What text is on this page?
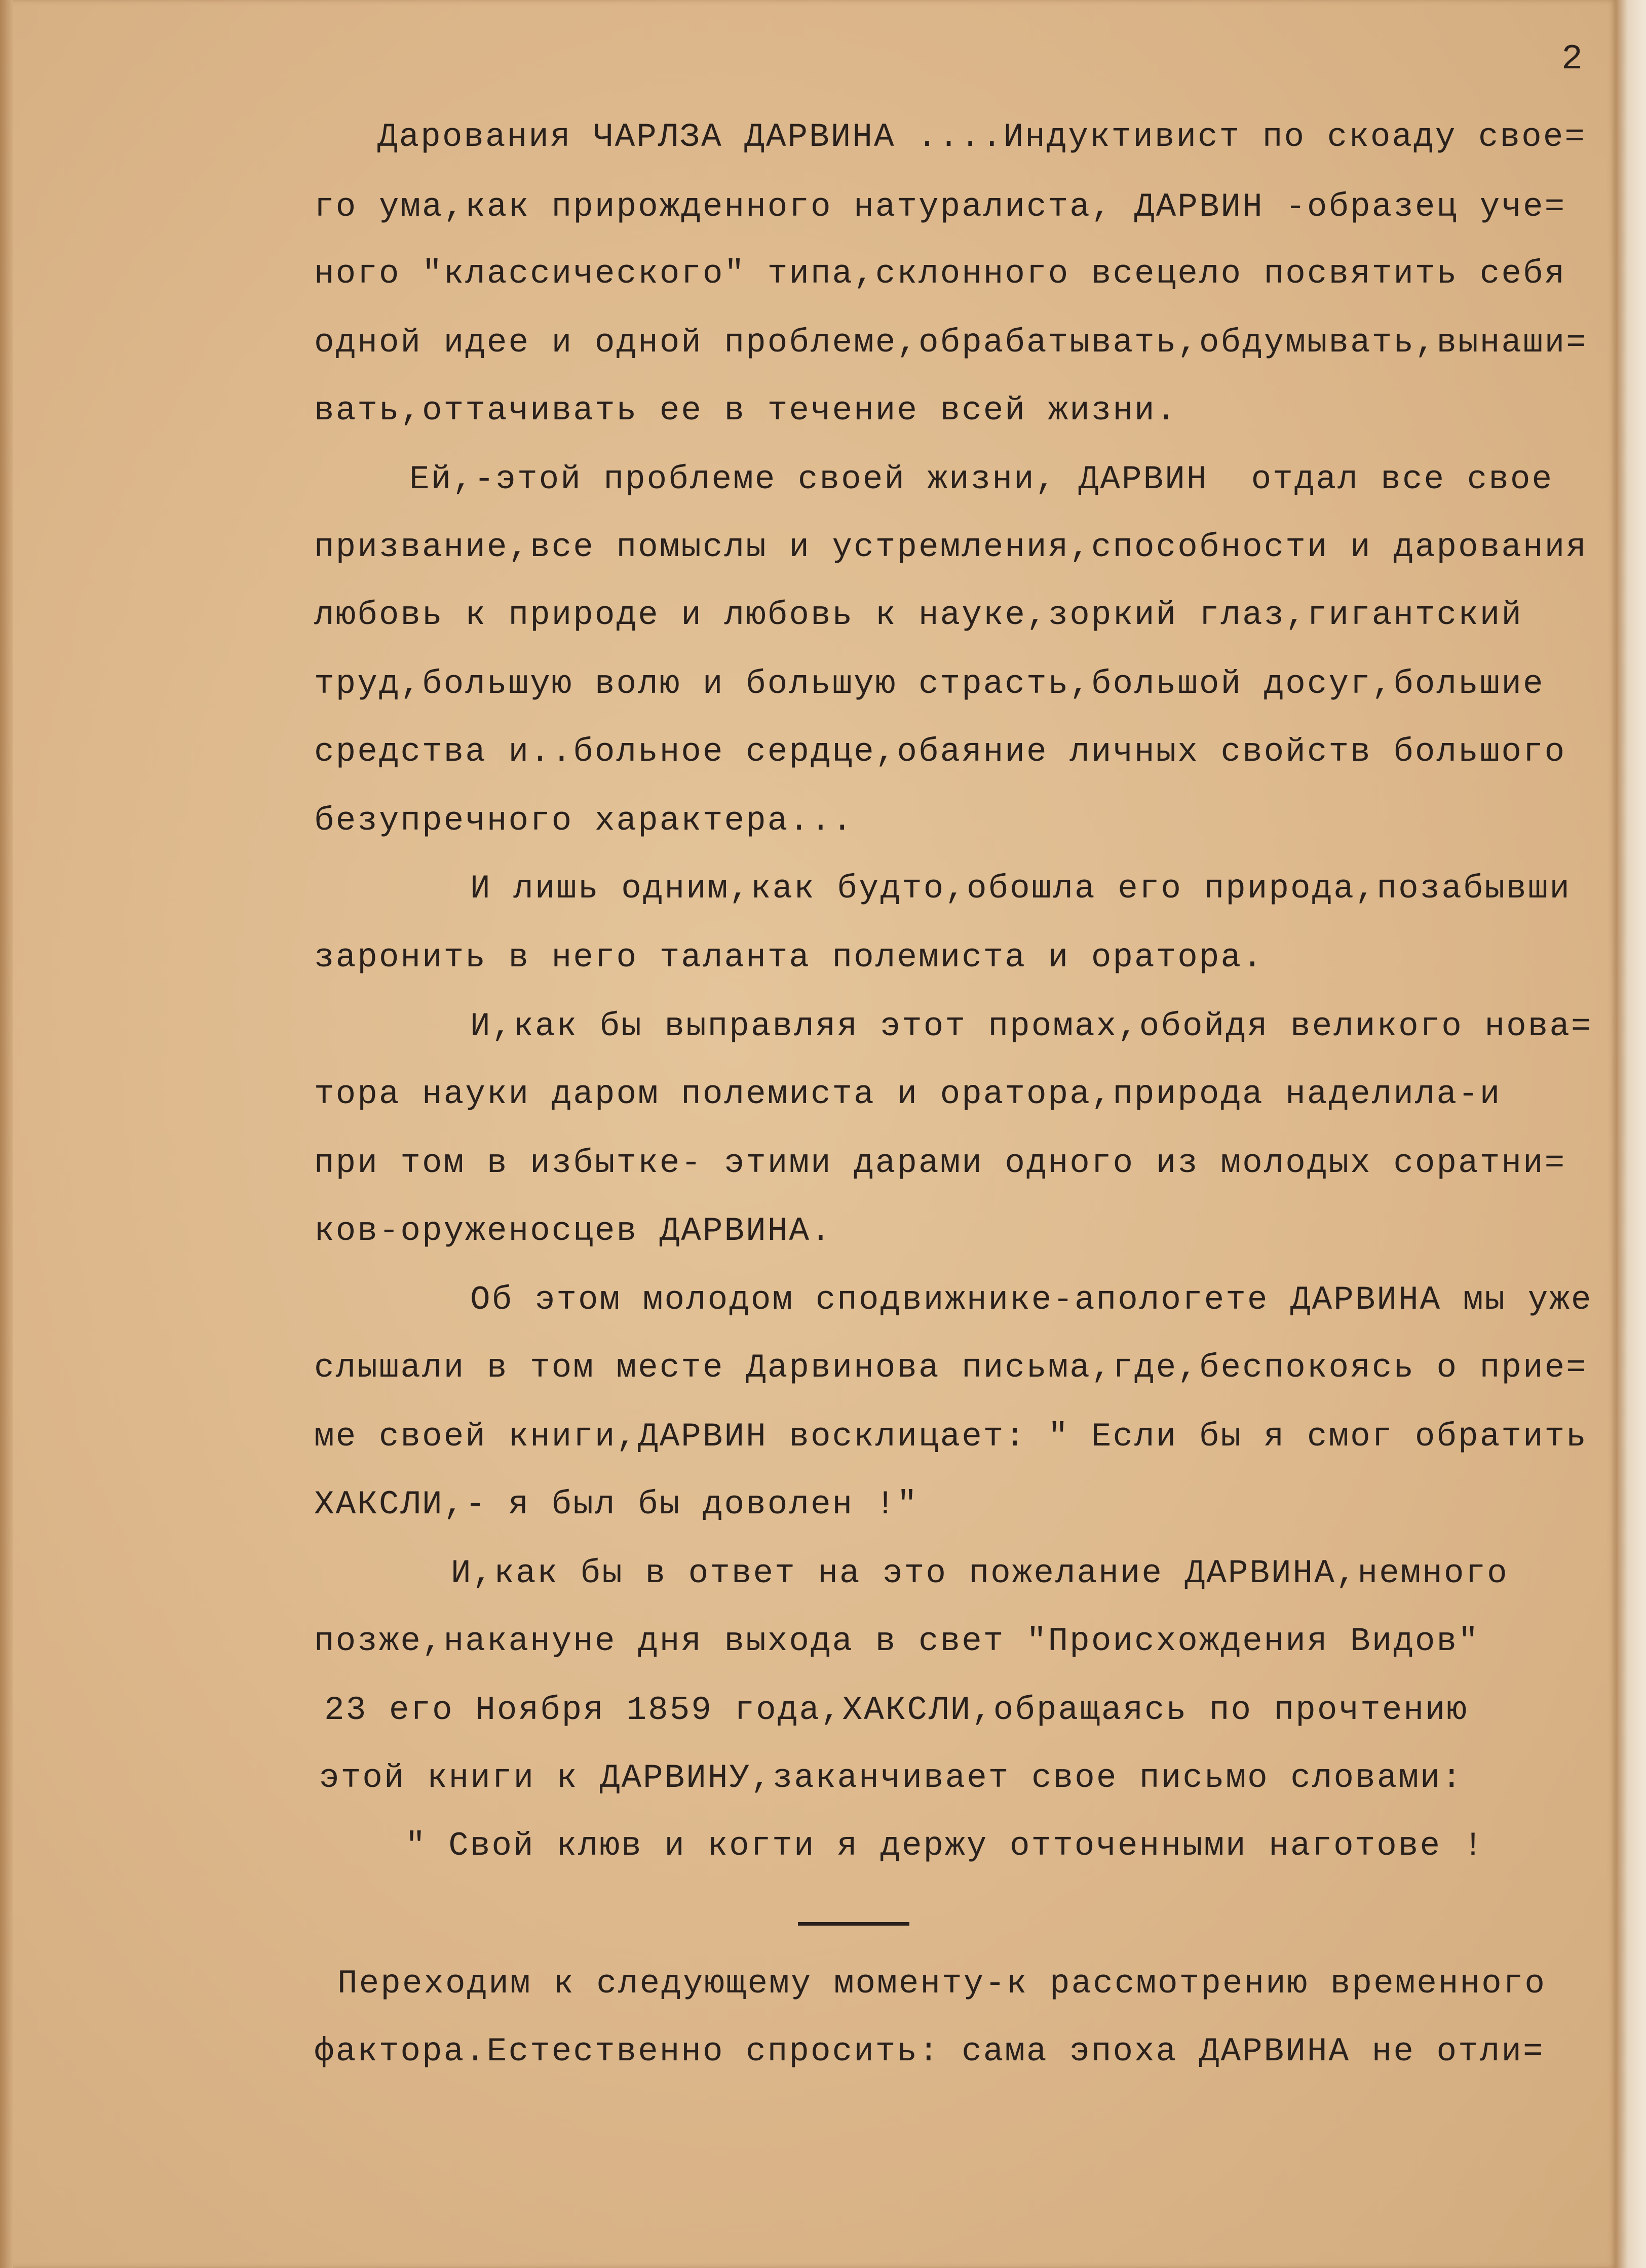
2
Дарования ЧАРЛЗА ДАРВИНА ....Индуктивист по скоаду свое=
го ума,как прирожденного натуралиста, ДАРВИН -образец уче=
ного "классического" типа,склонного всецело посвятить себя
одной идее и одной проблеме,обрабатывать,обдумывать,вынаши=
вать,оттачивать ее в течение всей жизни.
Ей,-этой проблеме своей жизни, ДАРВИН  отдал все свое
призвание,все помыслы и устремления,способности и дарования
любовь к природе и любовь к науке,зоркий глаз,гигантский
труд,большую волю и большую страсть,большой досуг,большие
средства и..больное сердце,обаяние личных свойств большого
безупречного характера...
И лишь одним,как будто,обошла его природа,позабывши
заронить в него таланта полемиста и оратора.
И,как бы выправляя этот промах,обойдя великого нова=
тора науки даром полемиста и оратора,природа наделила-и
при том в избытке- этими дарами одного из молодых соратни=
ков-оруженосцев ДАРВИНА.
Об этом молодом сподвижнике-апологете ДАРВИНА мы уже
слышали в том месте Дарвинова письма,где,беспокоясь о прие=
ме своей книги,ДАРВИН восклицает: " Если бы я смог обратить
ХАКСЛИ,- я был бы доволен !"
И,как бы в ответ на это пожелание ДАРВИНА,немного
позже,накануне дня выхода в свет "Происхождения Видов"
23 его Ноября 1859 года,ХАКСЛИ,обращаясь по прочтению
этой книги к ДАРВИНУ,заканчивает свое письмо словами:
" Свой клюв и когти я держу отточенными наготове !
Переходим к следующему моменту-к рассмотрению временного
фактора.Естественно спросить: сама эпоха ДАРВИНА не отли=
